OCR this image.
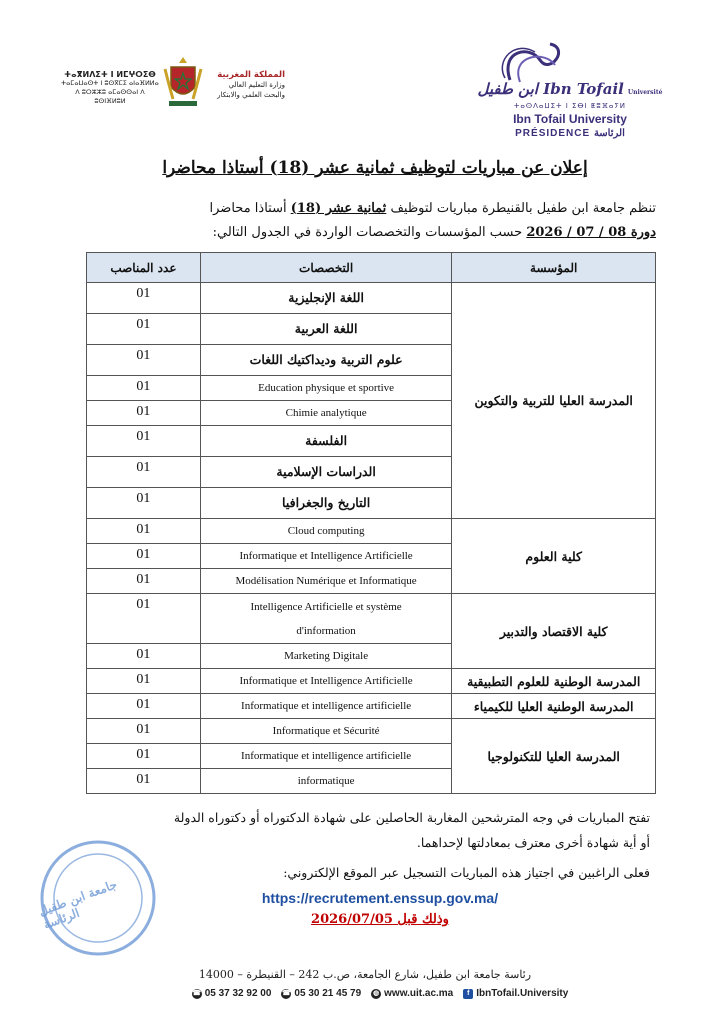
ابن طفيل Ibn Tofail Université
ⵜⴰⵙⴷⴰⵡⵉⵜ ⵏ ⵉⴱⵏ ⵟⵓⴼⴰⵢⵍ
Ibn Tofail University
PRÉSIDENCE الرئاسة
ⵜⴰⴳⵍⴷⵉⵜ ⵏ ⵍⵎⵖⵔⵉⴱ
ⵜⴰⵎⴰⵡⴰⵙⵜ ⵏ ⵓⵙⴳⵎⵉ ⴰⵏⴰⴼⵍⵍⴰ
ⴷ ⵓⵔⵣⵣⵓ ⴰⵎⴰⵙⵙⴰⵏ ⴷ ⵓⵙⵏⴼⵍⵓⵍ
المملكة المغربية
وزارة التعليم العالي
والبحث العلمي والابتكار
إعلان عن مباريات لتوظيف ثمانية عشر (18) أستاذا محاضرا
تنظم جامعة ابن طفيل بالقنيطرة مباريات لتوظيف ثمانية عشر (18) أستاذا محاضرا
دورة 08 / 07 / 2026 حسب المؤسسات والتخصصات الواردة في الجدول التالي:
المؤسسة	التخصصات	عدد المناصب
المدرسة العليا للتربية والتكوين	اللغة الإنجليزية	01

	اللغة العربية	01

	علوم التربية وديداكتيك اللغات	01

	Education physique et sportive	01

	Chimie analytique	01

	الفلسفة	01

	الدراسات الإسلامية	01

	التاريخ والجغرافيا	01
كلية العلوم	Cloud computing	01

	Informatique et Intelligence Artificielle	01

	Modélisation Numérique et Informatique	01
كلية الاقتصاد والتدبير	Intelligence Artificielle et système d'information	01

	Marketing Digitale	01
المدرسة الوطنية للعلوم التطبيقية	Informatique et Intelligence Artificielle	01
المدرسة الوطنية العليا للكيمياء	Informatique et intelligence artificielle	01
المدرسة العليا للتكنولوجيا	Informatique et Sécurité	01

	Informatique et intelligence artificielle	01

	informatique	01
تفتح المباريات في وجه المترشحين المغاربة الحاصلين على شهادة الدكتوراه أو دكتوراه الدولة
أو أية شهادة أخرى معترف بمعادلتها لإحداهما.
فعلى الراغبين في اجتياز هذه المباريات التسجيل عبر الموقع الإلكتروني:
https://recrutement.enssup.gov.ma/
وذلك قبل 2026/07/05
جامعة ابن طفيل الرئاسة
رئاسة جامعة ابن طفيل، شارع الجامعة، ص.ب 242 – القنيطرة – 14000
☎ 05 37 32 92 00 ☎ 05 30 21 45 79 ◍ www.uit.ac.ma	f IbnTofail.University
